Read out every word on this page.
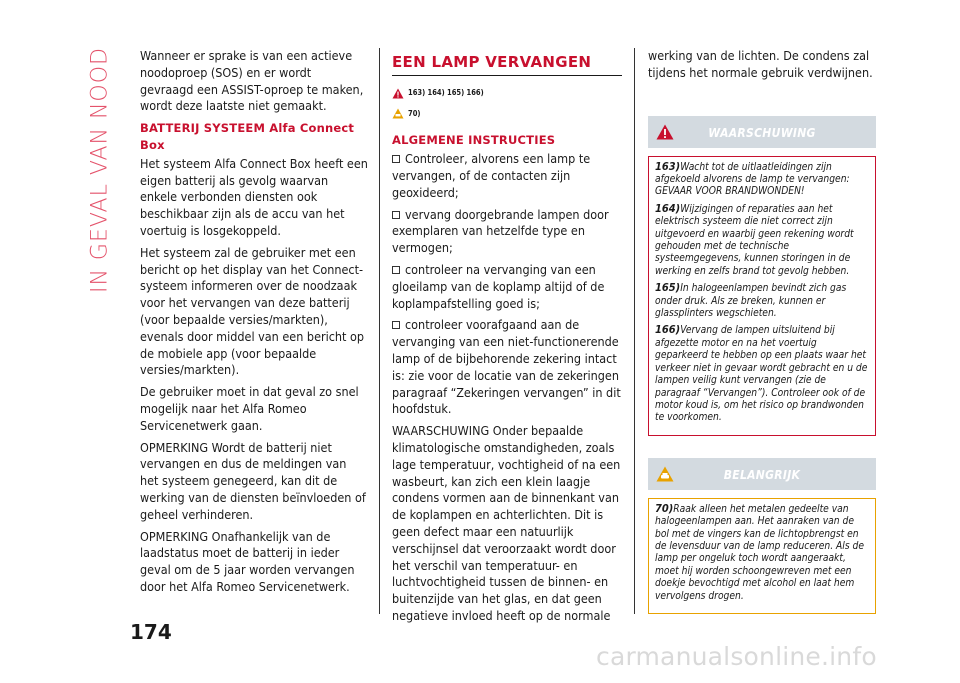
IN GEVAL VAN NOOD Wanneer er sprake is van een actieve noodoproep (SOS) en er wordt gevraagd een ASSIST-oproep te maken, wordt deze laatste niet gemaakt.

BATTERIJ SYSTEEM Alfa Connect Box

Het systeem Alfa Connect Box heeft een eigen batterij als gevolg waarvan enkele verbonden diensten ook beschikbaar zijn als de accu van het voertuig is losgekoppeld.

Het systeem zal de gebruiker met een bericht op het display van het Connect-systeem informeren over de noodzaak voor het vervangen van deze batterij (voor bepaalde versies/markten), evenals door middel van een bericht op de mobiele app (voor bepaalde versies/markten).

De gebruiker moet in dat geval zo snel mogelijk naar het Alfa Romeo Servicenetwerk gaan.

OPMERKING Wordt de batterij niet vervangen en dus de meldingen van het systeem genegeerd, kan dit de werking van de diensten beïnvloeden of geheel verhinderen.

OPMERKING Onafhankelijk van de laadstatus moet de batterij in ieder geval om de 5 jaar worden vervangen door het Alfa Romeo Servicenetwerk.

EEN LAMP VERVANGEN
163) 164) 165) 166)
70)
ALGEMENE INSTRUCTIES

Controleer, alvorens een lamp te vervangen, of de contacten zijn geoxideerd;

vervang doorgebrande lampen door exemplaren van hetzelfde type en vermogen;

controleer na vervanging van een gloeilamp van de koplamp altijd of de koplampafstelling goed is;

controleer voorafgaand aan de vervanging van een niet-functionerende lamp of de bijbehorende zekering intact is: zie voor de locatie van de zekeringen paragraaf “Zekeringen vervangen” in dit hoofdstuk.

WAARSCHUWING Onder bepaalde klimatologische omstandigheden, zoals lage temperatuur, vochtigheid of na een wasbeurt, kan zich een klein laagje condens vormen aan de binnenkant van de koplampen en achterlichten. Dit is geen defect maar een natuurlijk verschijnsel dat veroorzaakt wordt door het verschil van temperatuur- en luchtvochtigheid tussen de binnen- en buitenzijde van het glas, en dat geen negatieve invloed heeft op de normale

werking van de lichten. De condens zal tijdens het normale gebruik verdwijnen.

WAARSCHUWING

163)Wacht tot de uitlaatleidingen zijn afgekoeld alvorens de lamp te vervangen: GEVAAR VOOR BRANDWONDEN!

164)Wijzigingen of reparaties aan het elektrisch systeem die niet correct zijn uitgevoerd en waarbij geen rekening wordt gehouden met de technische systeemgegevens, kunnen storingen in de werking en zelfs brand tot gevolg hebben.

165)In halogeenlampen bevindt zich gas onder druk. Als ze breken, kunnen er glassplinters wegschieten.

166)Vervang de lampen uitsluitend bij afgezette motor en na het voertuig geparkeerd te hebben op een plaats waar het verkeer niet in gevaar wordt gebracht en u de lampen veilig kunt vervangen (zie de paragraaf “Vervangen”). Controleer ook of de motor koud is, om het risico op brandwonden te voorkomen.

BELANGRIJK

70)Raak alleen het metalen gedeelte van halogeenlampen aan. Het aanraken van de bol met de vingers kan de lichtopbrengst en de levensduur van de lamp reduceren. Als de lamp per ongeluk toch wordt aangeraakt, moet hij worden schoongewreven met een doekje bevochtigd met alcohol en laat hem vervolgens drogen.

174
carmanualsonline.info
